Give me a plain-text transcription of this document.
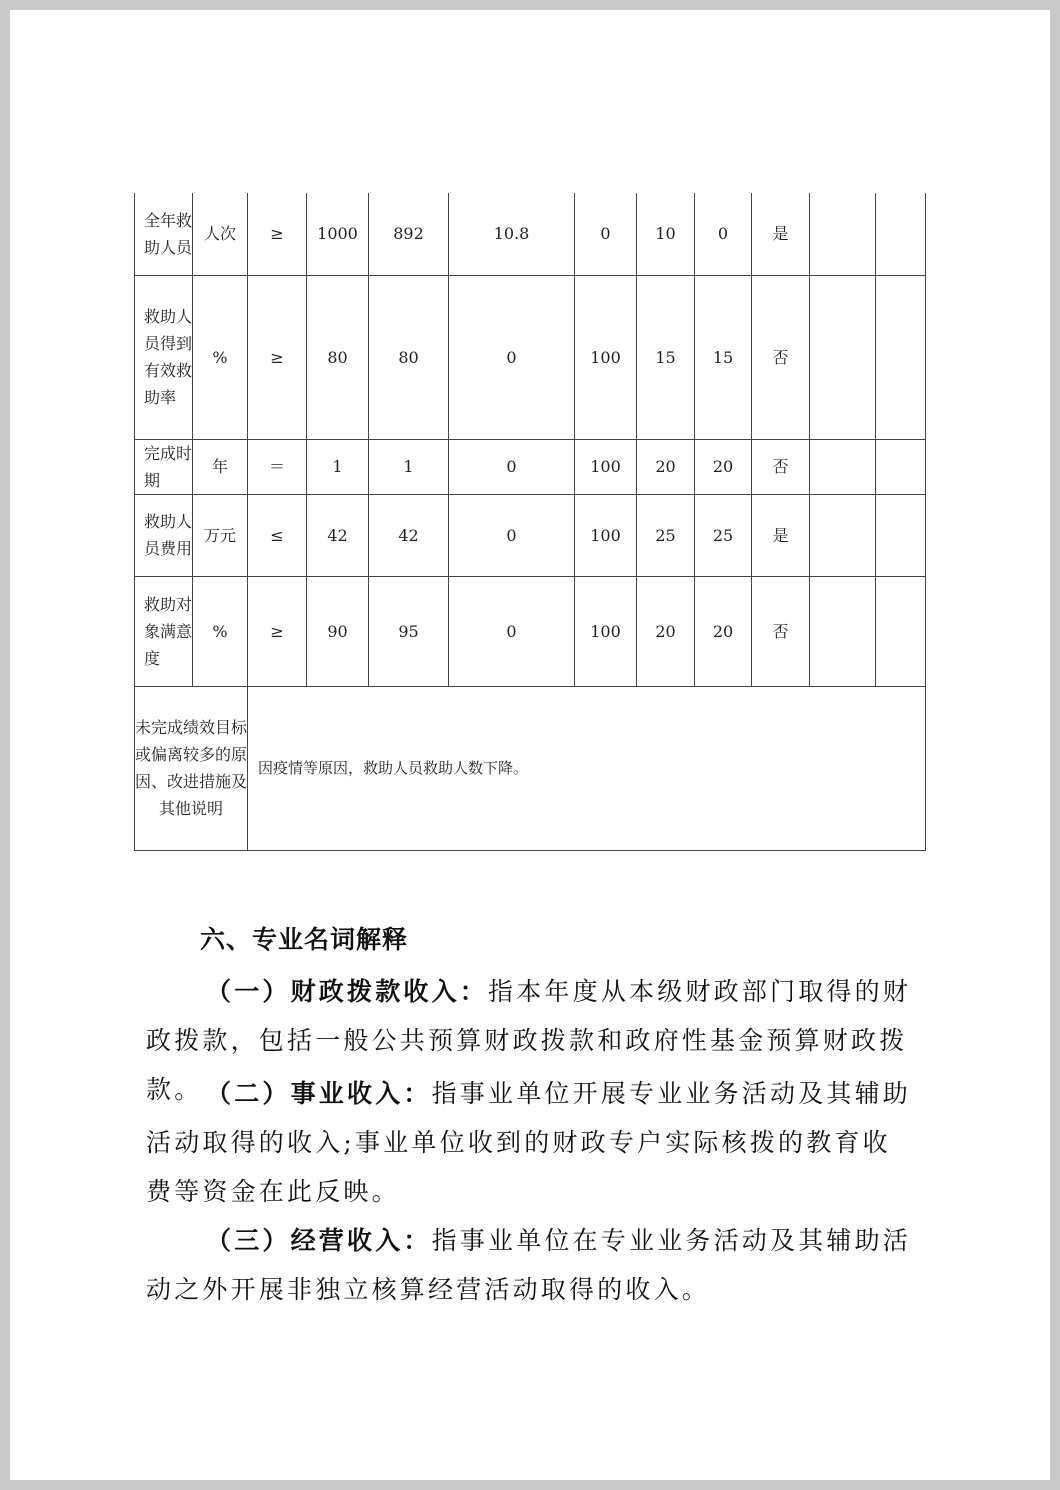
全年救助人员	人次	≥	1000	892	10.8	0	10	0	是		
救助人员得到有效救助率	%	≥	80	80	0	100	15	15	否		
完成时期	年	＝	1	1	0	100	20	20	否		
救助人员费用	万元	≤	42	42	0	100	25	25	是		
救助对象满意度	%	≥	90	95	0	100	20	20	否		
未完成绩效目标或偏离较多的原因、改进措施及其他说明		因疫情等原因，救助人员救助人数下降。									
六、专业名词解释
（一）财政拨款收入：指本年度从本级财政部门取得的财政拨款，包括一般公共预算财政拨款和政府性基金预算财政拨款。 （二）事业收入：指事业单位开展专业业务活动及其辅助活动取得的收入;事业单位收到的财政专户实际核拨的教育收费等资金在此反映。
（三）经营收入：指事业单位在专业业务活动及其辅助活动之外开展非独立核算经营活动取得的收入。
